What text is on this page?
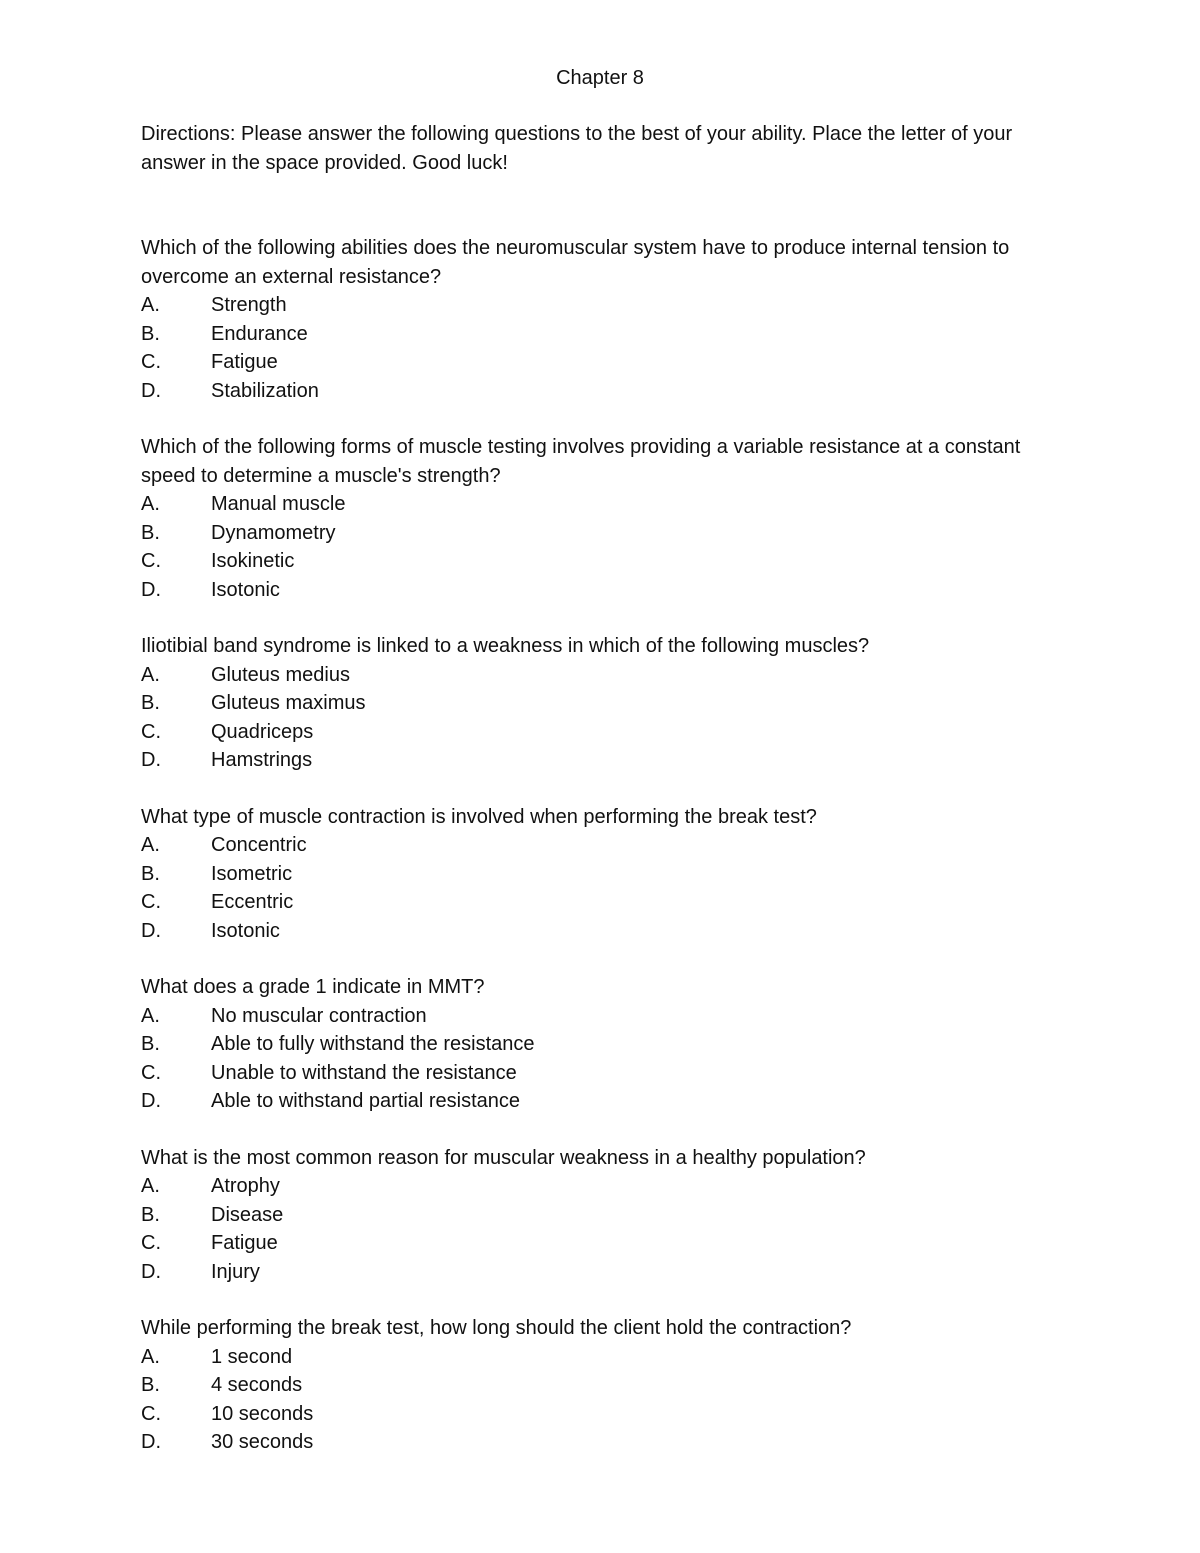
Chapter 8
Directions: Please answer the following questions to the best of your ability. Place the letter of your answer in the space provided. Good luck!

Which of the following abilities does the neuromuscular system have to produce internal tension to overcome an external resistance?

A.	Strength
B.	Endurance
C.	Fatigue
D.	Stabilization

Which of the following forms of muscle testing involves providing a variable resistance at a constant speed to determine a muscle's strength?

A.	Manual muscle
B.	Dynamometry
C.	Isokinetic
D.	Isotonic

Iliotibial band syndrome is linked to a weakness in which of the following muscles?

A.	Gluteus medius
B.	Gluteus maximus
C.	Quadriceps
D.	Hamstrings

What type of muscle contraction is involved when performing the break test?

A.	Concentric
B.	Isometric
C.	Eccentric
D.	Isotonic

What does a grade 1 indicate in MMT?

A.	No muscular contraction
B.	Able to fully withstand the resistance
C.	Unable to withstand the resistance
D.	Able to withstand partial resistance

What is the most common reason for muscular weakness in a healthy population?

A.	Atrophy
B.	Disease
C.	Fatigue
D.	Injury

While performing the break test, how long should the client hold the contraction?

A.	1 second
B.	4 seconds
C.	10 seconds
D.	30 seconds
